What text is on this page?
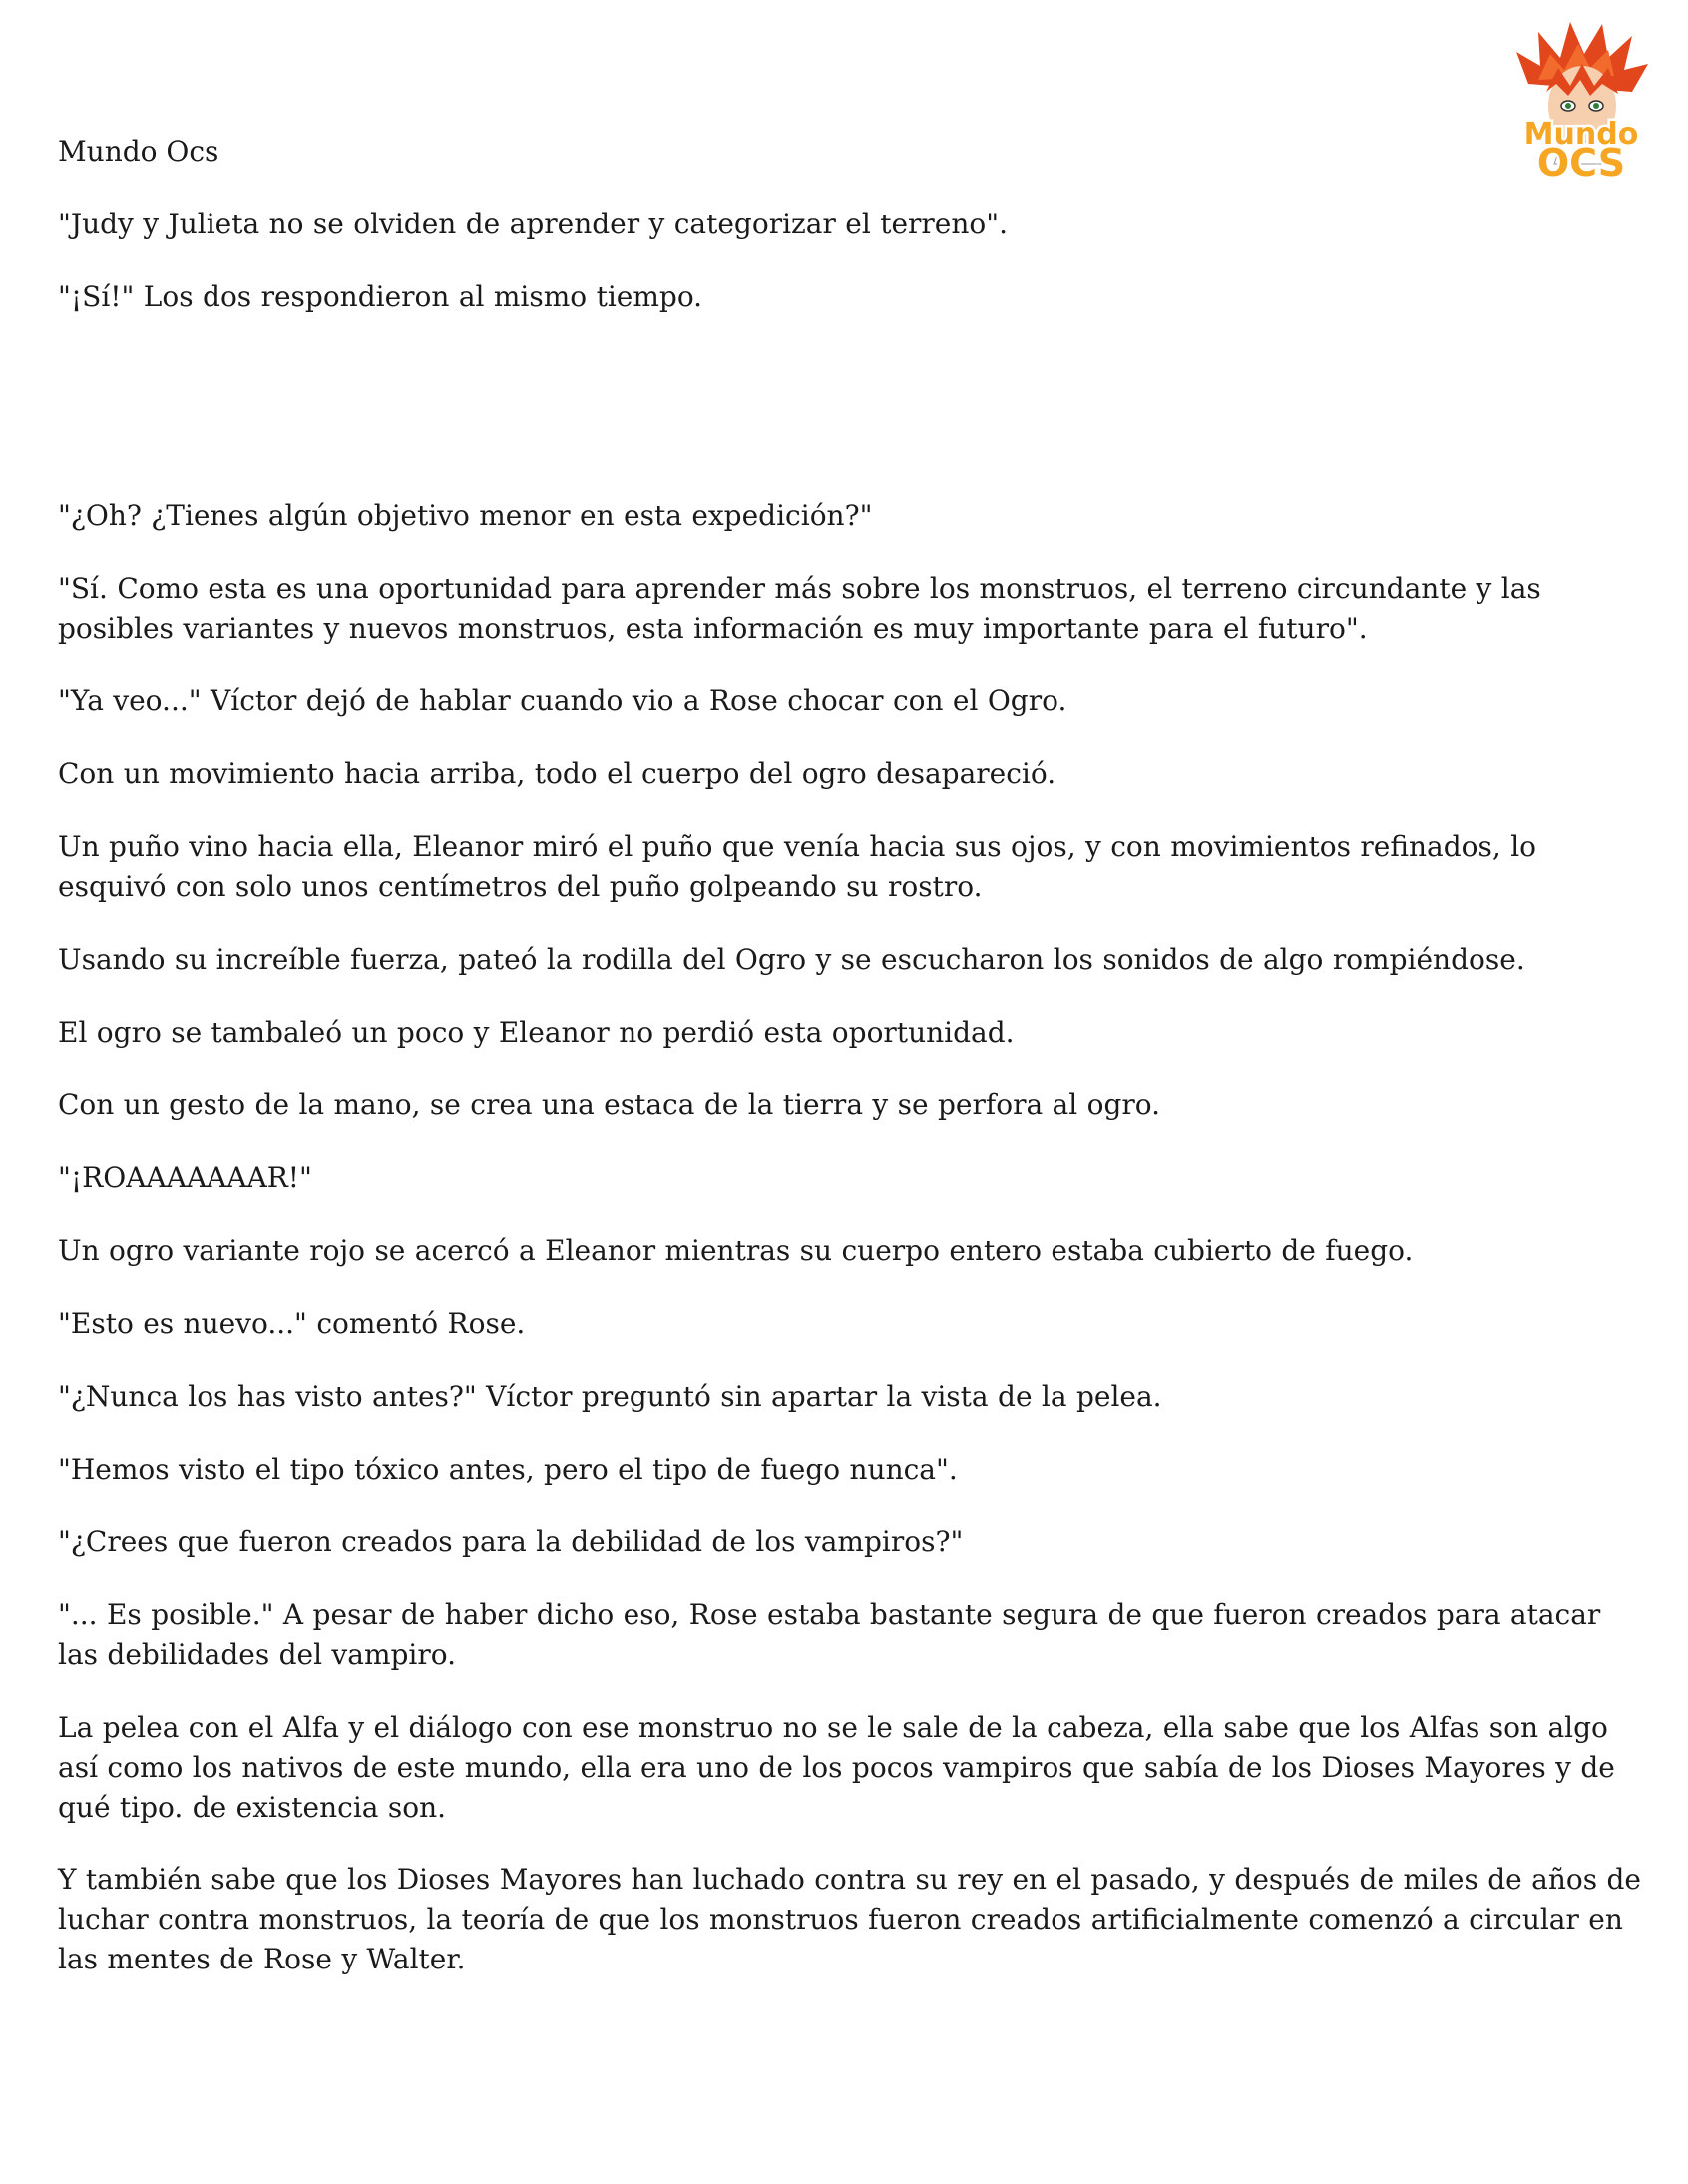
Mundo Ocs	Mundo
OCS

"Judy y Julieta no se olviden de aprender y categorizar el terreno".

"¡Sí!" Los dos respondieron al mismo tiempo.

"¿Oh? ¿Tienes algún objetivo menor en esta expedición?"

"Sí. Como esta es una oportunidad para aprender más sobre los monstruos, el terreno circundante y las posibles variantes y nuevos monstruos, esta información es muy importante para el futuro".

"Ya veo..." Víctor dejó de hablar cuando vio a Rose chocar con el Ogro.

Con un movimiento hacia arriba, todo el cuerpo del ogro desapareció.

Un puño vino hacia ella, Eleanor miró el puño que venía hacia sus ojos, y con movimientos refinados, lo esquivó con solo unos centímetros del puño golpeando su rostro.

Usando su increíble fuerza, pateó la rodilla del Ogro y se escucharon los sonidos de algo rompiéndose.

El ogro se tambaleó un poco y Eleanor no perdió esta oportunidad.

Con un gesto de la mano, se crea una estaca de la tierra y se perfora al ogro.

"¡ROAAAAAAAR!"

Un ogro variante rojo se acercó a Eleanor mientras su cuerpo entero estaba cubierto de fuego.

"Esto es nuevo..." comentó Rose.

"¿Nunca los has visto antes?" Víctor preguntó sin apartar la vista de la pelea.

"Hemos visto el tipo tóxico antes, pero el tipo de fuego nunca".

"¿Crees que fueron creados para la debilidad de los vampiros?"

"... Es posible." A pesar de haber dicho eso, Rose estaba bastante segura de que fueron creados para atacar las debilidades del vampiro.

La pelea con el Alfa y el diálogo con ese monstruo no se le sale de la cabeza, ella sabe que los Alfas son algo así como los nativos de este mundo, ella era uno de los pocos vampiros que sabía de los Dioses Mayores y de qué tipo. de existencia son.

Y también sabe que los Dioses Mayores han luchado contra su rey en el pasado, y después de miles de años de luchar contra monstruos, la teoría de que los monstruos fueron creados artificialmente comenzó a circular en las mentes de Rose y Walter.
